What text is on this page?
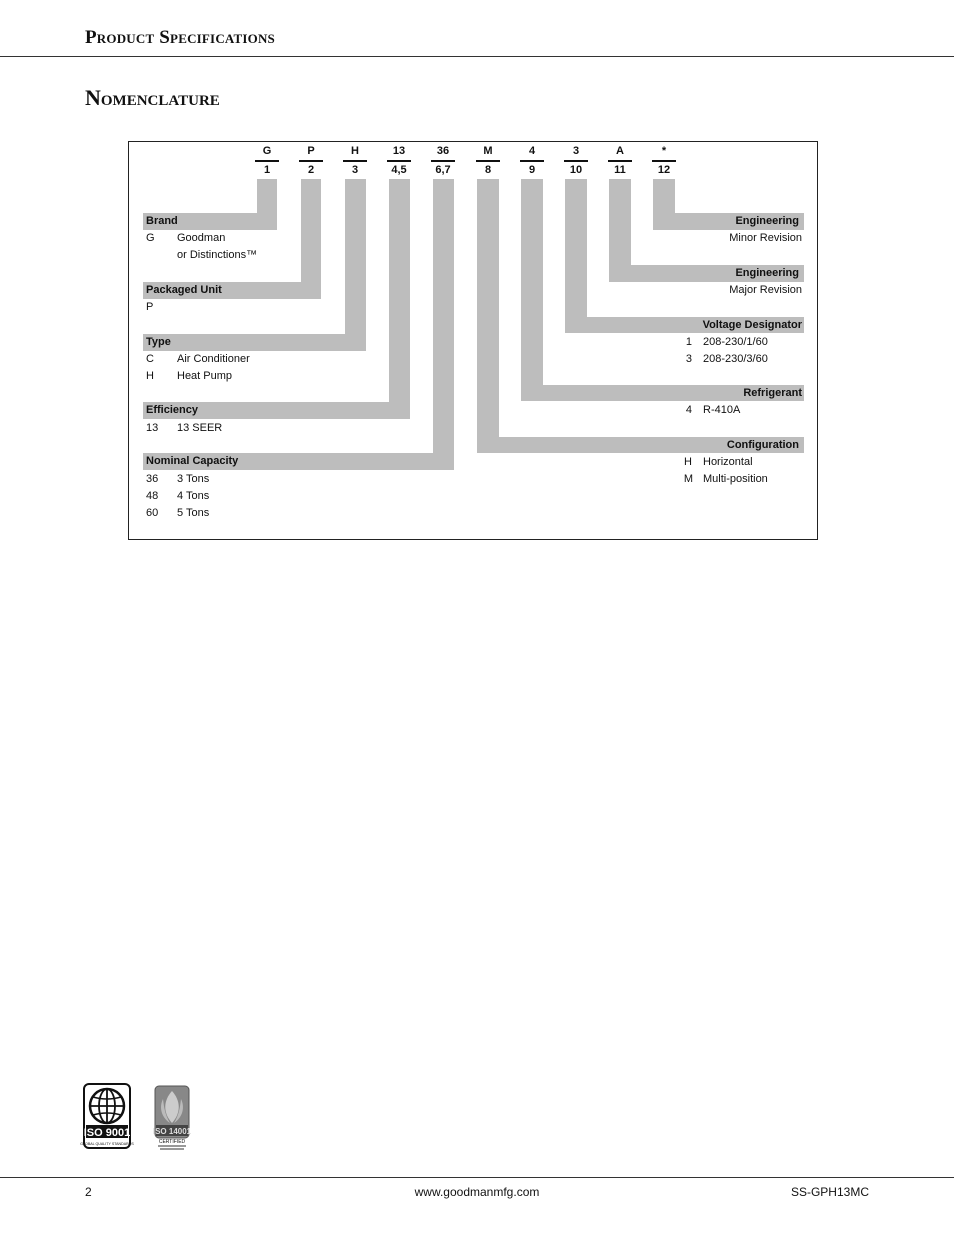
Product Specifications
Nomenclature
G
1
P
2
H
3
13
4,5
36
6,7
M
8
4
9
3
10
A
11
*
12
Brand
G Goodman
or Distinctions™
Packaged Unit
P
Type
C Air Conditioner
H Heat Pump
Efficiency
13 13 SEER
Nominal Capacity
36 3 Tons
48 4 Tons
60 5 Tons
Engineering
Minor Revision
Engineering
Major Revision
Voltage Designator
1 208-230/1/60
3 208-230/3/60
Refrigerant
4 R-410A
Configuration
H Horizontal
M Multi-position
ISO 9001
GLOBAL QUALITY STANDARDS
ISO 14001
CERTIFIED
2	www.goodmanmfg.com	SS-GPH13MC
